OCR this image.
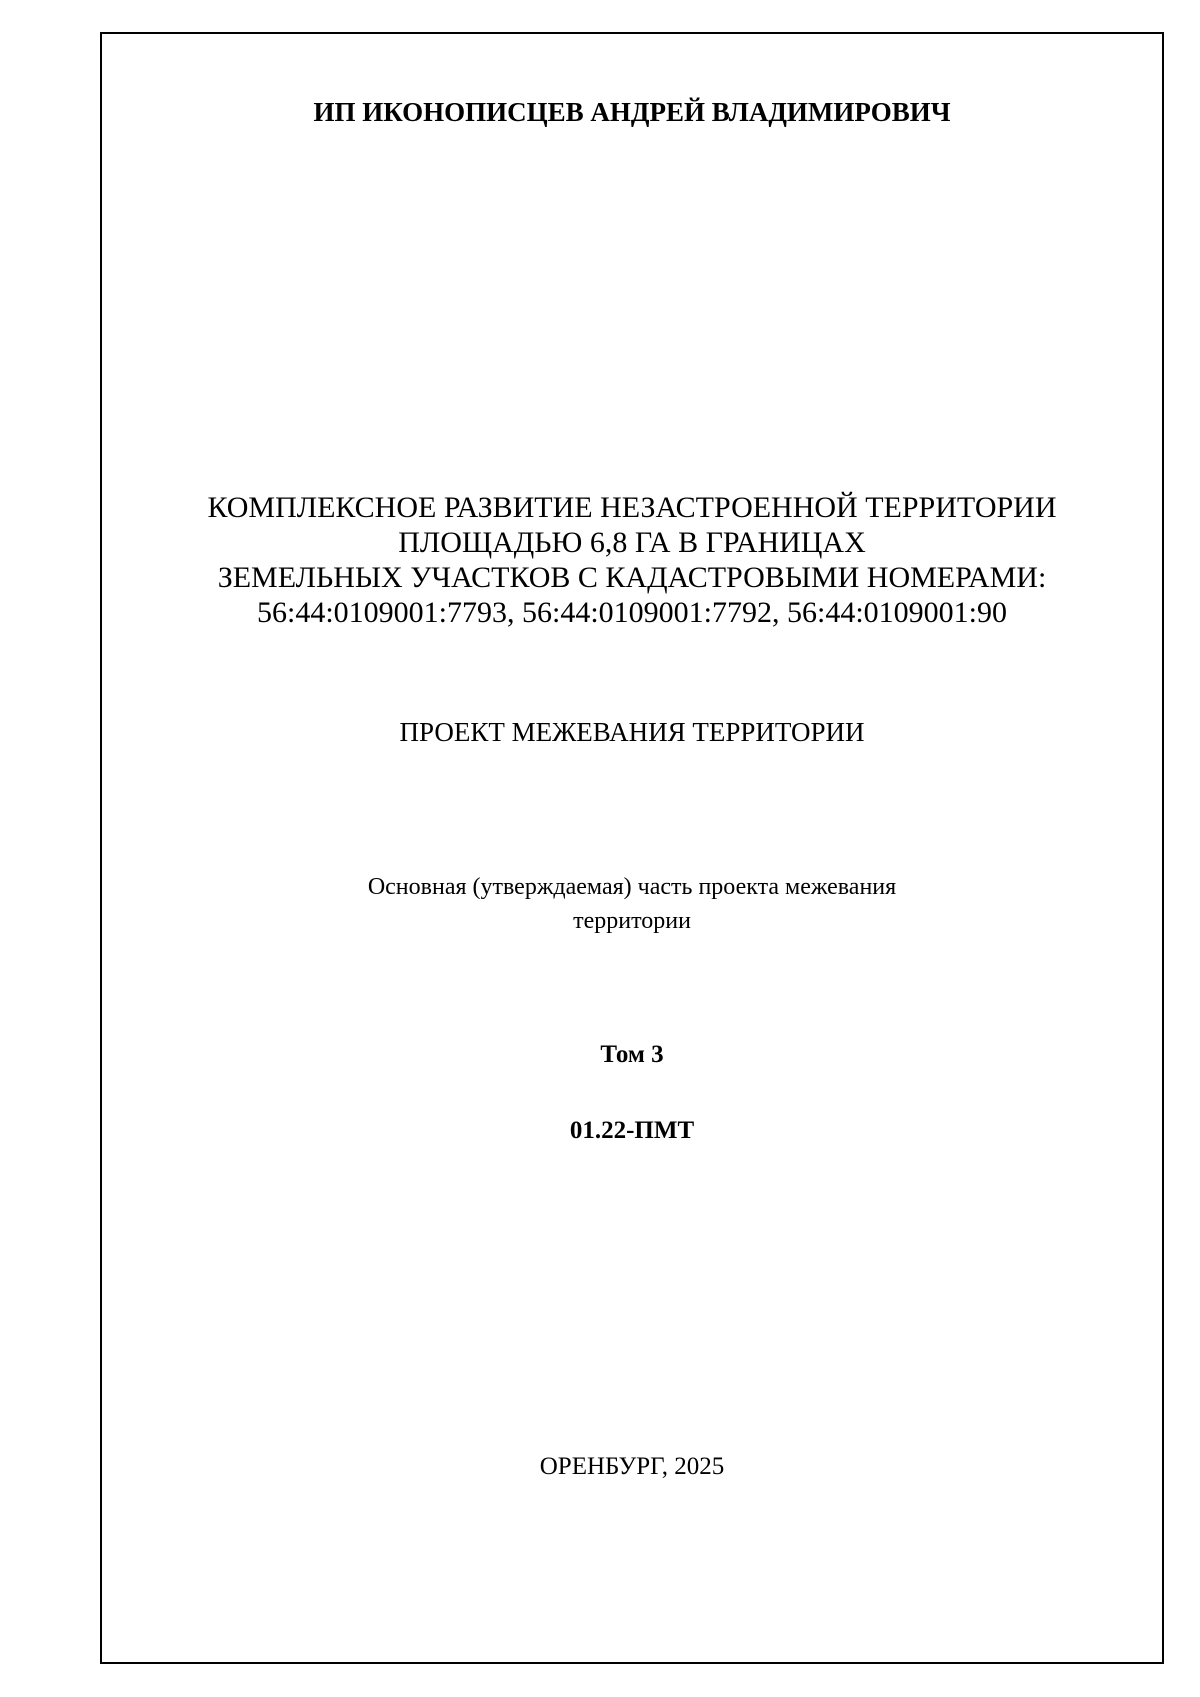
ИП ИКОНОПИСЦЕВ АНДРЕЙ ВЛАДИМИРОВИЧ
КОМПЛЕКСНОЕ РАЗВИТИЕ НЕЗАСТРОЕННОЙ ТЕРРИТОРИИ
ПЛОЩАДЬЮ 6,8 ГА В ГРАНИЦАХ
ЗЕМЕЛЬНЫХ УЧАСТКОВ С КАДАСТРОВЫМИ НОМЕРАМИ:
56:44:0109001:7793, 56:44:0109001:7792, 56:44:0109001:90
ПРОЕКТ МЕЖЕВАНИЯ ТЕРРИТОРИИ
Основная (утверждаемая) часть проекта межевания
территории
Том 3
01.22-ПМТ
ОРЕНБУРГ, 2025
